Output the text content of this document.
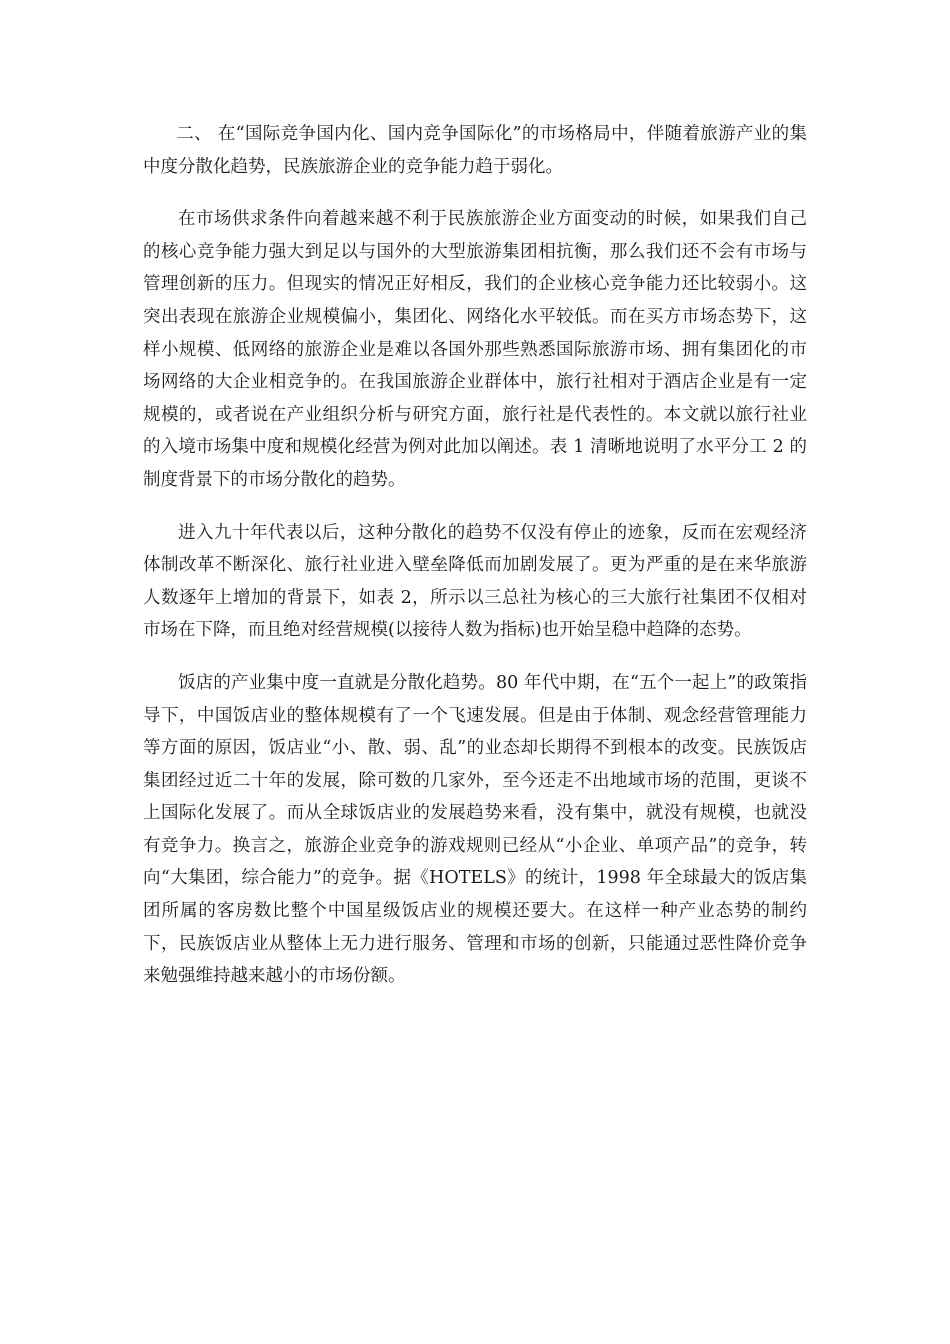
二、 在“国际竞争国内化、国内竞争国际化”的市场格局中，伴随着旅游产业的集中度分散化趋势，民族旅游企业的竞争能力趋于弱化。

在市场供求条件向着越来越不利于民族旅游企业方面变动的时候，如果我们自己的核心竞争能力强大到足以与国外的大型旅游集团相抗衡，那么我们还不会有市场与管理创新的压力。但现实的情况正好相反，我们的企业核心竞争能力还比较弱小。这突出表现在旅游企业规模偏小，集团化、网络化水平较低。而在买方市场态势下，这样小规模、低网络的旅游企业是难以各国外那些熟悉国际旅游市场、拥有集团化的市场网络的大企业相竞争的。在我国旅游企业群体中，旅行社相对于酒店企业是有一定规模的，或者说在产业组织分析与研究方面，旅行社是代表性的。本文就以旅行社业的入境市场集中度和规模化经营为例对此加以阐述。表 1 清晰地说明了水平分工 2 的制度背景下的市场分散化的趋势。

进入九十年代表以后，这种分散化的趋势不仅没有停止的迹象，反而在宏观经济体制改革不断深化、旅行社业进入壁垒降低而加剧发展了。更为严重的是在来华旅游人数逐年上增加的背景下，如表 2，所示以三总社为核心的三大旅行社集团不仅相对市场在下降，而且绝对经营规模(以接待人数为指标)也开始呈稳中趋降的态势。

饭店的产业集中度一直就是分散化趋势。80 年代中期，在“五个一起上”的政策指导下，中国饭店业的整体规模有了一个飞速发展。但是由于体制、观念经营管理能力等方面的原因，饭店业“小、散、弱、乱”的业态却长期得不到根本的改变。民族饭店集团经过近二十年的发展，除可数的几家外，至今还走不出地域市场的范围，更谈不上国际化发展了。而从全球饭店业的发展趋势来看，没有集中，就没有规模，也就没有竞争力。换言之，旅游企业竞争的游戏规则已经从“小企业、单项产品”的竞争，转向“大集团，综合能力”的竞争。据《HOTELS》的统计，1998 年全球最大的饭店集团所属的客房数比整个中国星级饭店业的规模还要大。在这样一种产业态势的制约下，民族饭店业从整体上无力进行服务、管理和市场的创新，只能通过恶性降价竞争来勉强维持越来越小的市场份额。
